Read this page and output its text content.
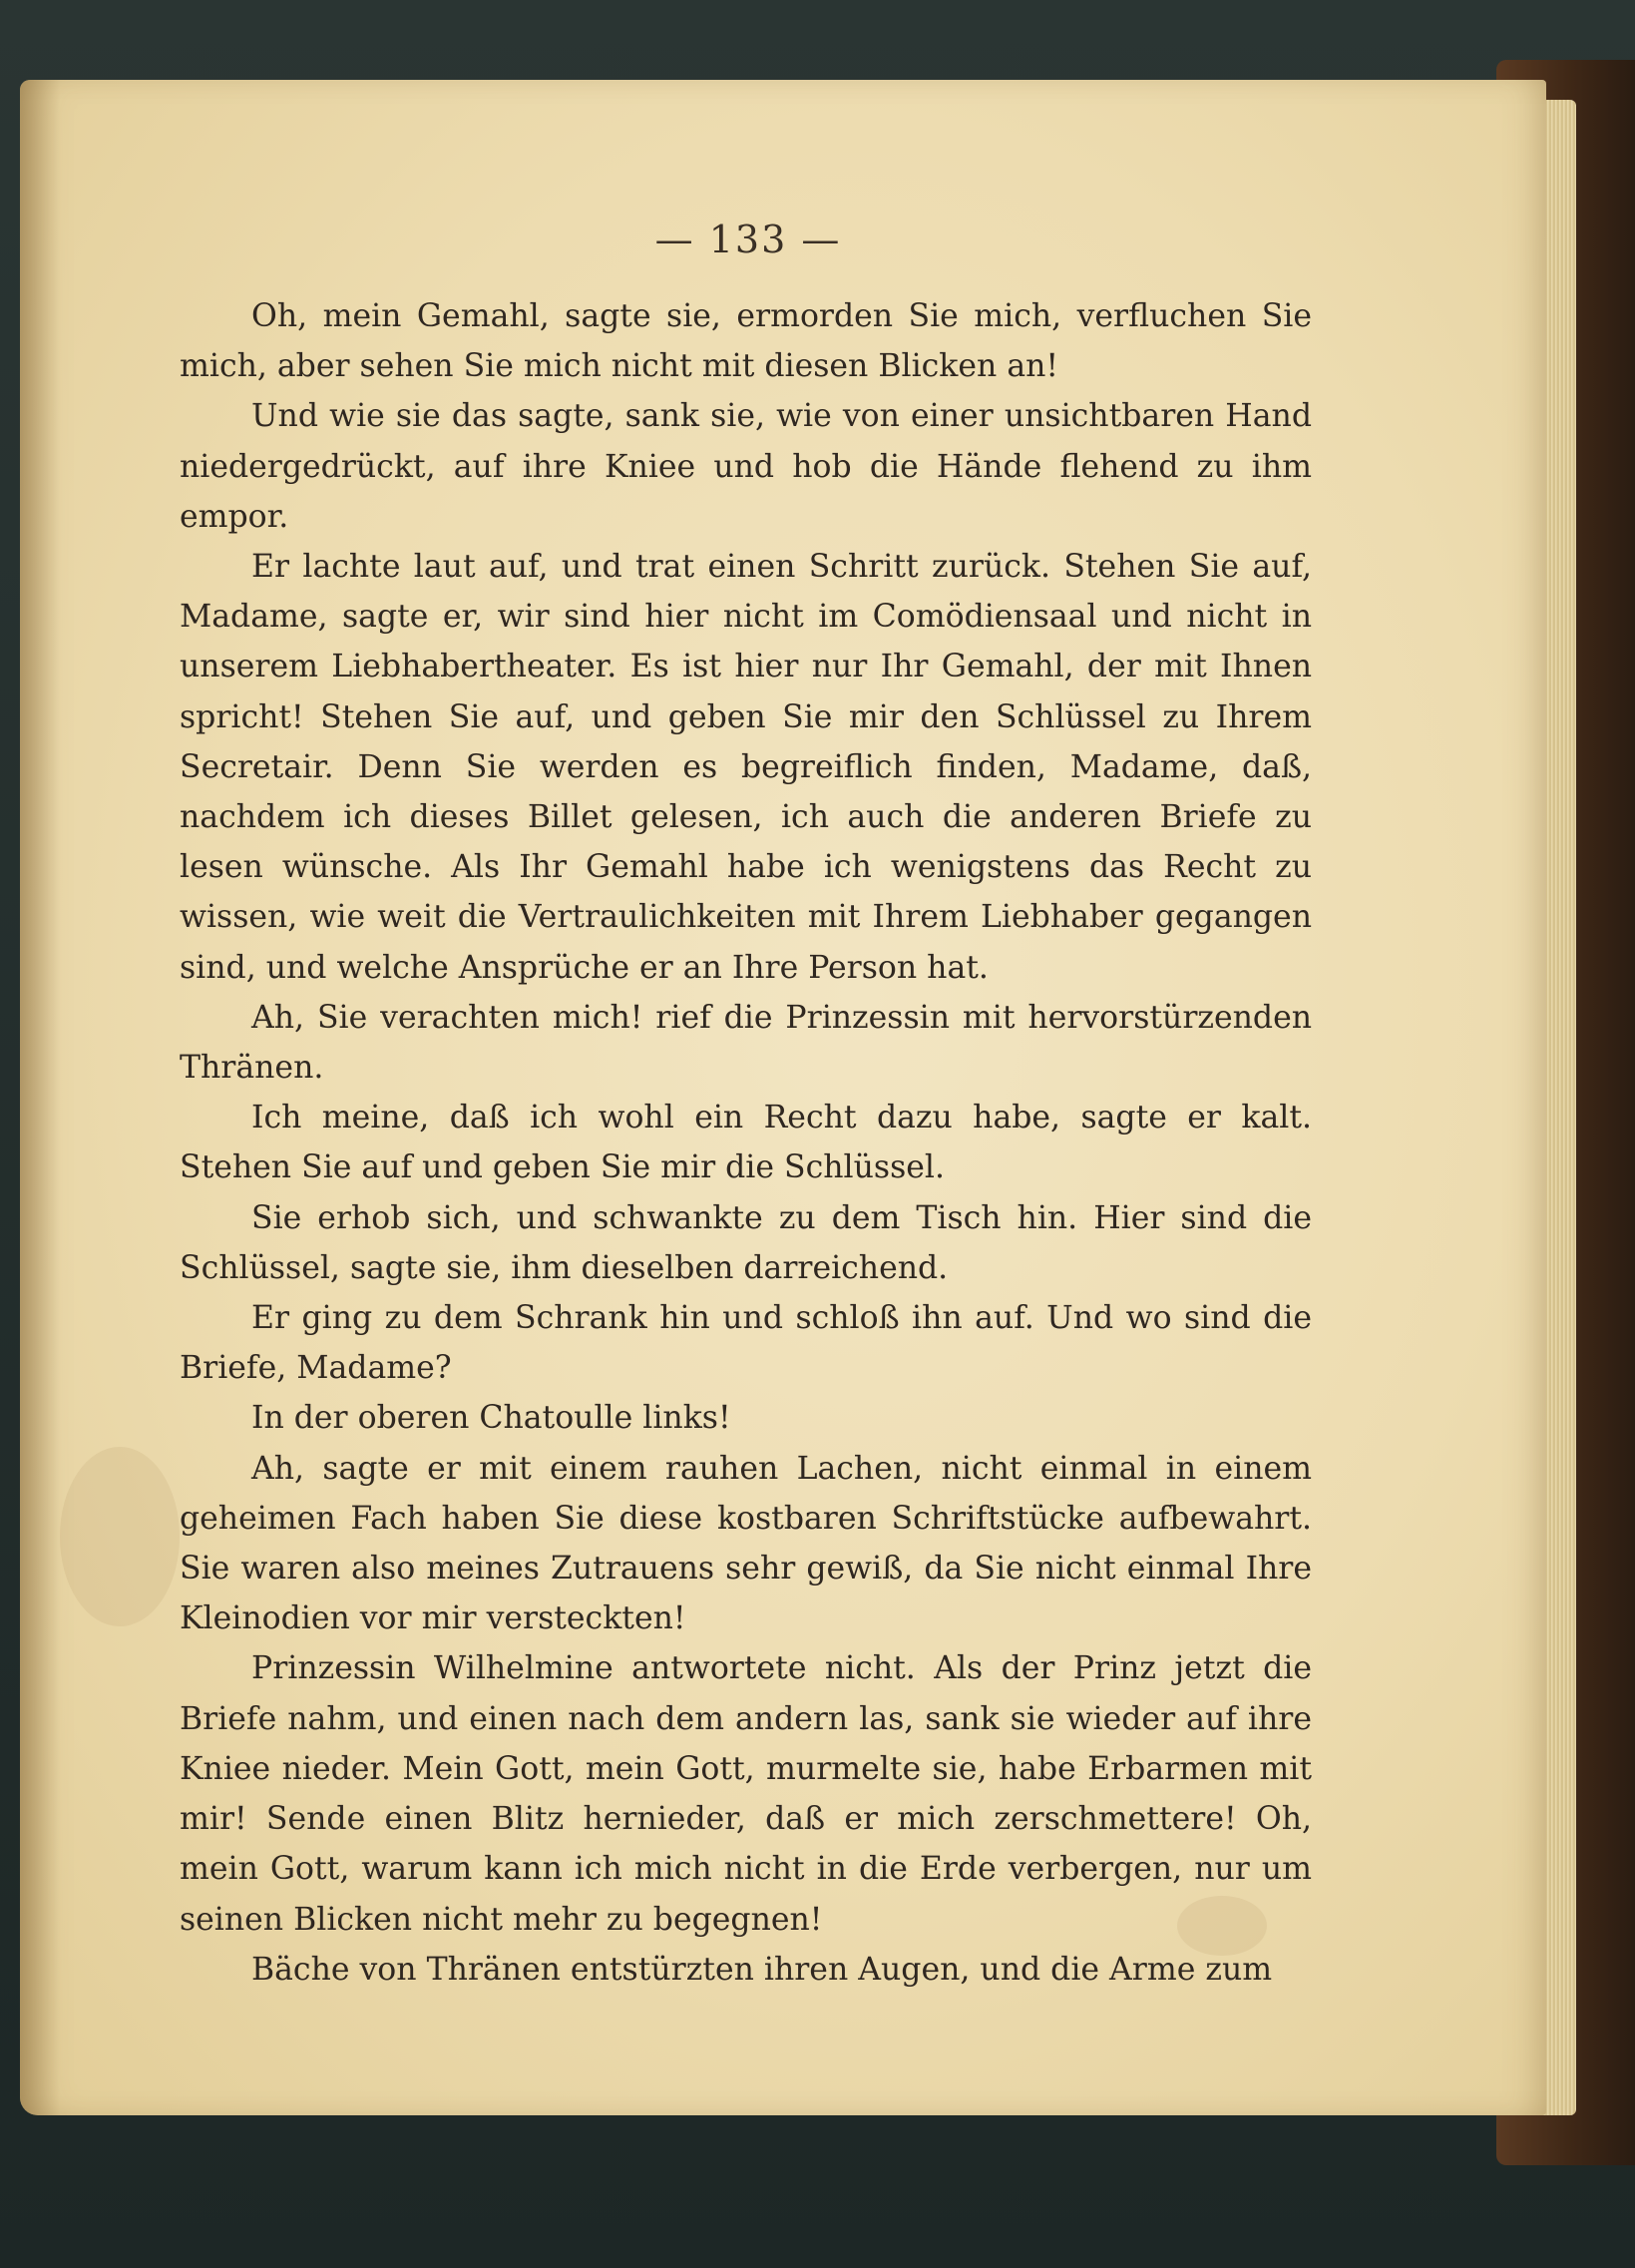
— 133 —

Oh, mein Gemahl, sagte sie, ermorden Sie mich, verfluchen Sie mich, aber sehen Sie mich nicht mit diesen Blicken an!

Und wie sie das sagte, sank sie, wie von einer unsichtbaren Hand niedergedrückt, auf ihre Kniee und hob die Hände flehend zu ihm empor.

Er lachte laut auf, und trat einen Schritt zurück. Stehen Sie auf, Madame, sagte er, wir sind hier nicht im Comödiensaal und nicht in unserem Liebhabertheater. Es ist hier nur Ihr Gemahl, der mit Ihnen spricht! Stehen Sie auf, und geben Sie mir den Schlüssel zu Ihrem Secretair. Denn Sie werden es begreiflich finden, Madame, daß, nachdem ich dieses Billet gelesen, ich auch die anderen Briefe zu lesen wünsche. Als Ihr Gemahl habe ich wenigstens das Recht zu wissen, wie weit die Vertraulichkeiten mit Ihrem Liebhaber gegangen sind, und welche Ansprüche er an Ihre Person hat.

Ah, Sie verachten mich! rief die Prinzessin mit hervorstürzenden Thränen.

Ich meine, daß ich wohl ein Recht dazu habe, sagte er kalt. Stehen Sie auf und geben Sie mir die Schlüssel.

Sie erhob sich, und schwankte zu dem Tisch hin. Hier sind die Schlüssel, sagte sie, ihm dieselben darreichend.

Er ging zu dem Schrank hin und schloß ihn auf. Und wo sind die Briefe, Madame?

In der oberen Chatoulle links!

Ah, sagte er mit einem rauhen Lachen, nicht einmal in einem geheimen Fach haben Sie diese kostbaren Schriftstücke aufbewahrt. Sie waren also meines Zutrauens sehr gewiß, da Sie nicht einmal Ihre Kleinodien vor mir versteckten!

Prinzessin Wilhelmine antwortete nicht. Als der Prinz jetzt die Briefe nahm, und einen nach dem andern las, sank sie wieder auf ihre Kniee nieder. Mein Gott, mein Gott, murmelte sie, habe Erbarmen mit mir! Sende einen Blitz hernieder, daß er mich zerschmettere! Oh, mein Gott, warum kann ich mich nicht in die Erde verbergen, nur um seinen Blicken nicht mehr zu begegnen!

Bäche von Thränen entstürzten ihren Augen, und die Arme zum
